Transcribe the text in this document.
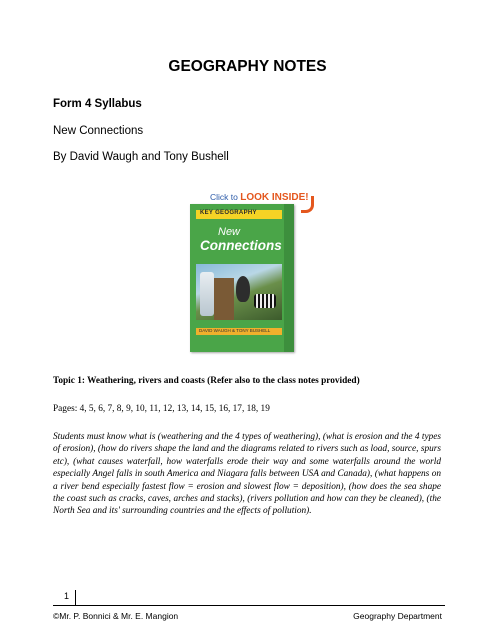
GEOGRAPHY NOTES
Form 4 Syllabus
New Connections
By David Waugh and Tony Bushell
KEY GEOGRAPHY
New
Connections
DAVID WAUGH & TONY BUSHELL
Click to LOOK INSIDE!
Topic 1: Weathering, rivers and coasts (Refer also to the class notes provided)
Pages: 4, 5, 6, 7, 8, 9, 10, 11, 12, 13, 14, 15, 16, 17, 18, 19
Students must know what is (weathering and the 4 types of weathering), (what is erosion and the 4 types of erosion), (how do rivers shape the land and the diagrams related to rivers such as load, source, spurs etc), (what causes waterfall, how waterfalls erode their way and some waterfalls around the world especially Angel falls in south America and Niagara falls between USA and Canada), (what happens on a river bend especially fastest flow = erosion and slowest flow = deposition), (how does the sea shape the coast such as cracks, caves, arches and stacks), (rivers pollution and how can they be cleaned), (the North Sea and its' surrounding countries and the effects of pollution).
1
©Mr. P. Bonnici & Mr. E. Mangion	Geography Department
